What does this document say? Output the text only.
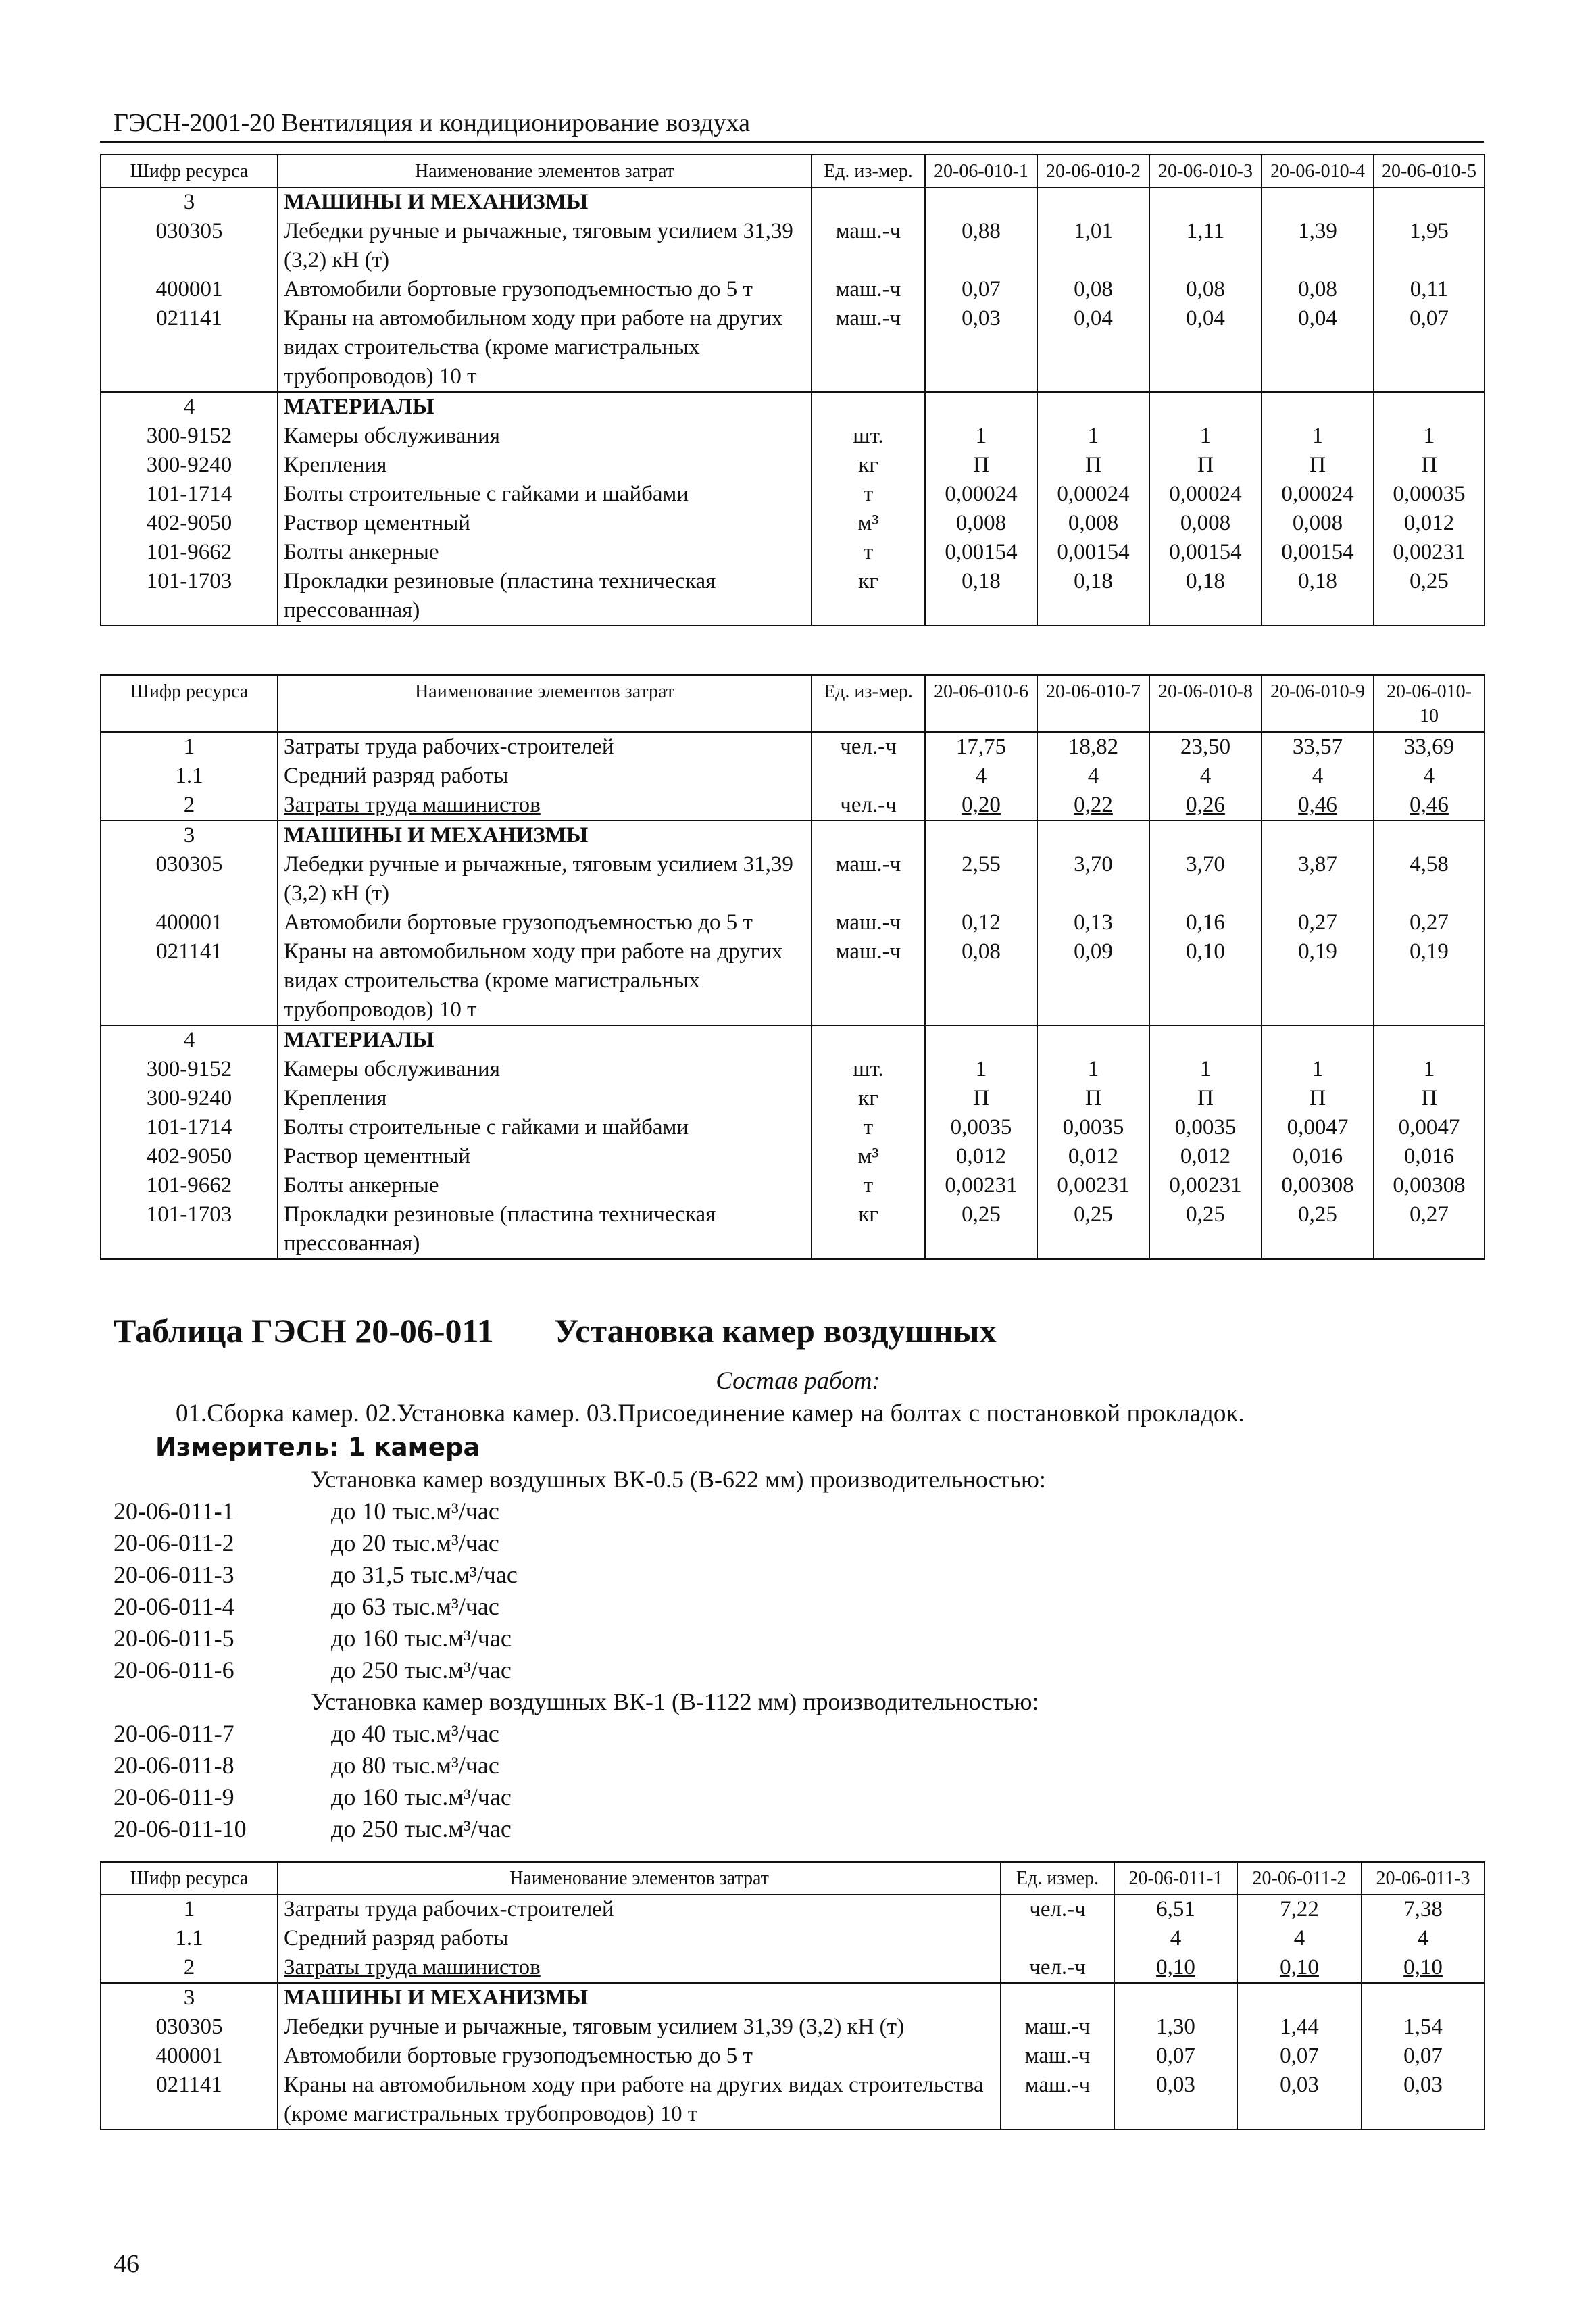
ГЭСН-2001-20 Вентиляция и кондиционирование воздуха
Шифр ресурса	Наименование элементов затрат	Ед. из-мер.	20-06-010-1	20-06-010-2	20-06-010-3	20-06-010-4	20-06-010-5
3	МАШИНЫ И МЕХАНИЗМЫ						
030305	Лебедки ручные и рычажные, тяговым усилием 31,39 (3,2) кН (т)	маш.-ч	0,88	1,01	1,11	1,39	1,95
400001	Автомобили бортовые грузоподъемностью до 5 т	маш.-ч	0,07	0,08	0,08	0,08	0,11
021141	Краны на автомобильном ходу при работе на других видах строительства (кроме магистральных трубопроводов) 10 т	маш.-ч	0,03	0,04	0,04	0,04	0,07
4	МАТЕРИАЛЫ						
300-9152	Камеры обслуживания	шт.	1	1	1	1	1
300-9240	Крепления	кг	П	П	П	П	П
101-1714	Болты строительные с гайками и шайбами	т	0,00024	0,00024	0,00024	0,00024	0,00035
402-9050	Раствор цементный	м³	0,008	0,008	0,008	0,008	0,012
101-9662	Болты анкерные	т	0,00154	0,00154	0,00154	0,00154	0,00231
101-1703	Прокладки резиновые (пластина техническая прессованная)	кг	0,18	0,18	0,18	0,18	0,25
Шифр ресурса	Наименование элементов затрат	Ед. из-мер.	20-06-010-6	20-06-010-7	20-06-010-8	20-06-010-9	20-06-010-10
1	Затраты труда рабочих-строителей	чел.-ч	17,75	18,82	23,50	33,57	33,69
1.1	Средний разряд работы		4	4	4	4	4
2	Затраты труда машинистов	чел.-ч	0,20	0,22	0,26	0,46	0,46
3	МАШИНЫ И МЕХАНИЗМЫ						
030305	Лебедки ручные и рычажные, тяговым усилием 31,39 (3,2) кН (т)	маш.-ч	2,55	3,70	3,70	3,87	4,58
400001	Автомобили бортовые грузоподъемностью до 5 т	маш.-ч	0,12	0,13	0,16	0,27	0,27
021141	Краны на автомобильном ходу при работе на других видах строительства (кроме магистральных трубопроводов) 10 т	маш.-ч	0,08	0,09	0,10	0,19	0,19
4	МАТЕРИАЛЫ						
300-9152	Камеры обслуживания	шт.	1	1	1	1	1
300-9240	Крепления	кг	П	П	П	П	П
101-1714	Болты строительные с гайками и шайбами	т	0,0035	0,0035	0,0035	0,0047	0,0047
402-9050	Раствор цементный	м³	0,012	0,012	0,012	0,016	0,016
101-9662	Болты анкерные	т	0,00231	0,00231	0,00231	0,00308	0,00308
101-1703	Прокладки резиновые (пластина техническая прессованная)	кг	0,25	0,25	0,25	0,25	0,27
Таблица ГЭСН 20-06-011 Установка камер воздушных
Состав работ:
01.Сборка камер. 02.Установка камер. 03.Присоединение камер на болтах с постановкой прокладок.
Измеритель: 1 камера
Установка камер воздушных ВК-0.5 (В-622 мм) производительностью:
20-06-011-1	до 10 тыс.м³/час
20-06-011-2	до 20 тыс.м³/час
20-06-011-3	до 31,5 тыс.м³/час
20-06-011-4	до 63 тыс.м³/час
20-06-011-5	до 160 тыс.м³/час
20-06-011-6	до 250 тыс.м³/час
Установка камер воздушных ВК-1 (В-1122 мм) производительностью:
20-06-011-7	до 40 тыс.м³/час
20-06-011-8	до 80 тыс.м³/час
20-06-011-9	до 160 тыс.м³/час
20-06-011-10	до 250 тыс.м³/час
Шифр ресурса	Наименование элементов затрат	Ед. измер.	20-06-011-1	20-06-011-2	20-06-011-3
1	Затраты труда рабочих-строителей	чел.-ч	6,51	7,22	7,38
1.1	Средний разряд работы		4	4	4
2	Затраты труда машинистов	чел.-ч	0,10	0,10	0,10
3	МАШИНЫ И МЕХАНИЗМЫ				
030305	Лебедки ручные и рычажные, тяговым усилием 31,39 (3,2) кН (т)	маш.-ч	1,30	1,44	1,54
400001	Автомобили бортовые грузоподъемностью до 5 т	маш.-ч	0,07	0,07	0,07
021141	Краны на автомобильном ходу при работе на других видах строительства (кроме магистральных трубопроводов) 10 т	маш.-ч	0,03	0,03	0,03
46
